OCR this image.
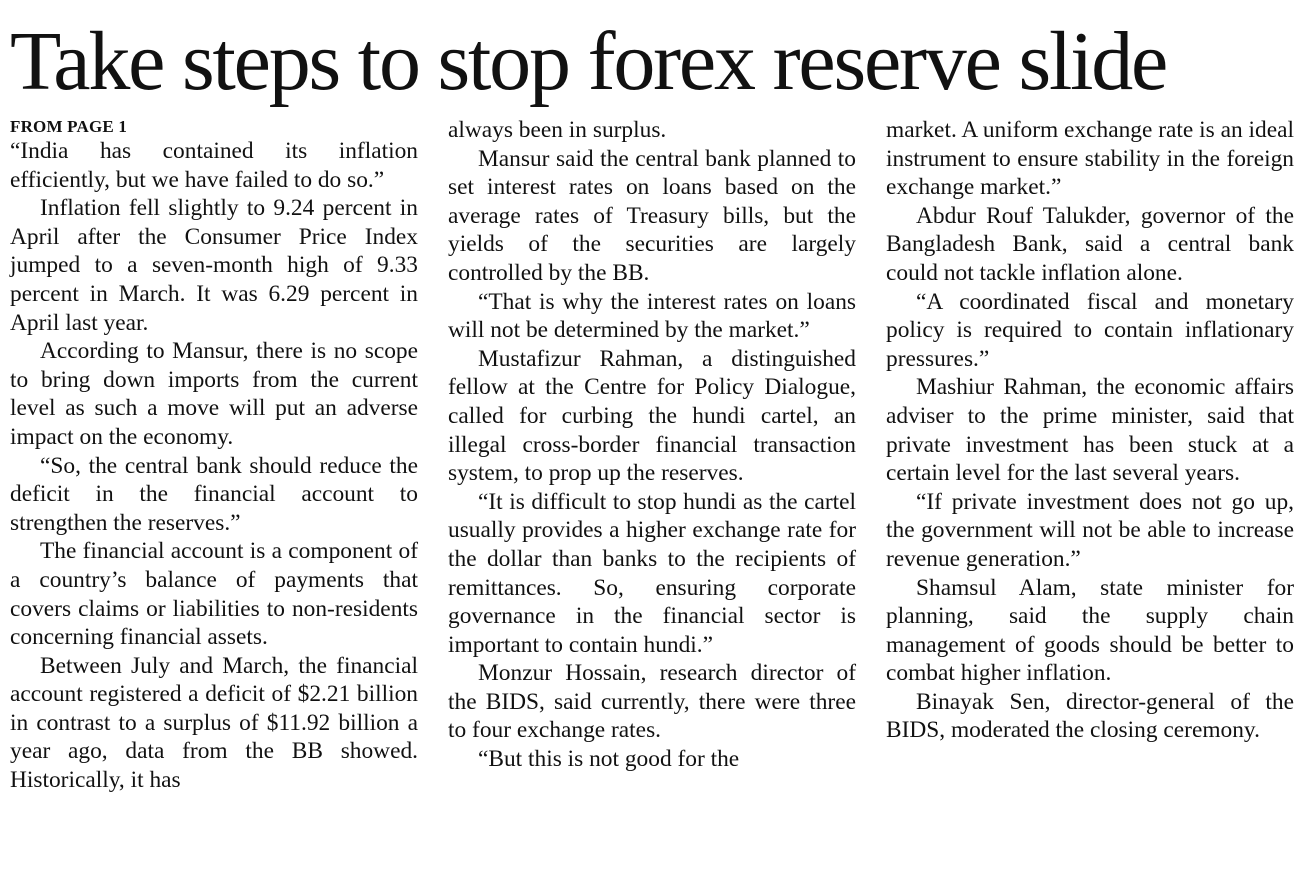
Take steps to stop forex reserve slide
FROM PAGE 1

“India has contained its inflation efficiently, but we have failed to do so.”

Inflation fell slightly to 9.24 percent in April after the Consumer Price Index jumped to a seven-month high of 9.33 percent in March. It was 6.29 percent in April last year.

According to Mansur, there is no scope to bring down imports from the current level as such a move will put an adverse impact on the economy.

“So, the central bank should reduce the deficit in the financial account to strengthen the reserves.”

The financial account is a component of a country’s balance of payments that covers claims or liabilities to non-residents concerning financial assets.

Between July and March, the financial account registered a deficit of $2.21 billion in contrast to a surplus of $11.92 billion a year ago, data from the BB showed. Historically, it has

always been in surplus.

Mansur said the central bank planned to set interest rates on loans based on the average rates of Treasury bills, but the yields of the securities are largely controlled by the BB.

“That is why the interest rates on loans will not be determined by the market.”

Mustafizur Rahman, a distinguished fellow at the Centre for Policy Dialogue, called for curbing the hundi cartel, an illegal cross-border financial transaction system, to prop up the reserves.

“It is difficult to stop hundi as the cartel usually provides a higher exchange rate for the dollar than banks to the recipients of remittances. So, ensuring corporate governance in the financial sector is important to contain hundi.”

Monzur Hossain, research director of the BIDS, said currently, there were three to four exchange rates.

“But this is not good for the

market. A uniform exchange rate is an ideal instrument to ensure stability in the foreign exchange market.”

Abdur Rouf Talukder, governor of the Bangladesh Bank, said a central bank could not tackle inflation alone.

“A coordinated fiscal and monetary policy is required to contain inflationary pressures.”

Mashiur Rahman, the economic affairs adviser to the prime minister, said that private investment has been stuck at a certain level for the last several years.

“If private investment does not go up, the government will not be able to increase revenue generation.”

Shamsul Alam, state minister for planning, said the supply chain management of goods should be better to combat higher inflation.

Binayak Sen, director-general of the BIDS, moderated the closing ceremony.
